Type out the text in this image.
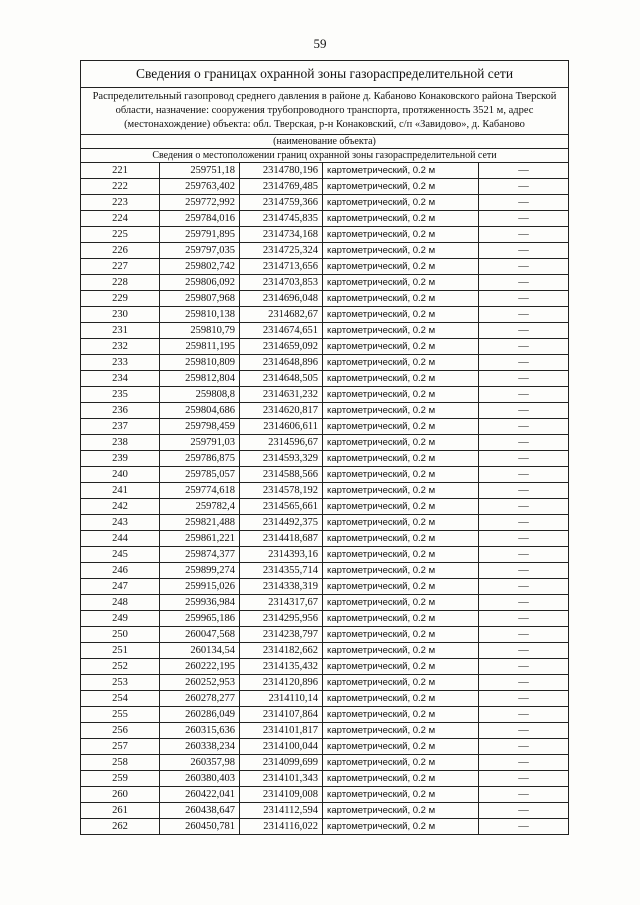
59
Сведения о границах охранной зоны газораспределительной сети				
Распределительный газопровод среднего давления в районе д. Кабаново Конаковского района Тверской области, назначение: сооружения трубопроводного транспорта, протяженность 3521 м, адрес (местонахождение) объекта: обл. Тверская, р-н Конаковский, с/п «Завидово», д. Кабаново				
(наименование объекта)				
Сведения о местоположении границ охранной зоны газораспределительной сети				
221	259751,18	2314780,196	картометрический, 0.2 м	—
222	259763,402	2314769,485	картометрический, 0.2 м	—
223	259772,992	2314759,366	картометрический, 0.2 м	—
224	259784,016	2314745,835	картометрический, 0.2 м	—
225	259791,895	2314734,168	картометрический, 0.2 м	—
226	259797,035	2314725,324	картометрический, 0.2 м	—
227	259802,742	2314713,656	картометрический, 0.2 м	—
228	259806,092	2314703,853	картометрический, 0.2 м	—
229	259807,968	2314696,048	картометрический, 0.2 м	—
230	259810,138	2314682,67	картометрический, 0.2 м	—
231	259810,79	2314674,651	картометрический, 0.2 м	—
232	259811,195	2314659,092	картометрический, 0.2 м	—
233	259810,809	2314648,896	картометрический, 0.2 м	—
234	259812,804	2314648,505	картометрический, 0.2 м	—
235	259808,8	2314631,232	картометрический, 0.2 м	—
236	259804,686	2314620,817	картометрический, 0.2 м	—
237	259798,459	2314606,611	картометрический, 0.2 м	—
238	259791,03	2314596,67	картометрический, 0.2 м	—
239	259786,875	2314593,329	картометрический, 0.2 м	—
240	259785,057	2314588,566	картометрический, 0.2 м	—
241	259774,618	2314578,192	картометрический, 0.2 м	—
242	259782,4	2314565,661	картометрический, 0.2 м	—
243	259821,488	2314492,375	картометрический, 0.2 м	—
244	259861,221	2314418,687	картометрический, 0.2 м	—
245	259874,377	2314393,16	картометрический, 0.2 м	—
246	259899,274	2314355,714	картометрический, 0.2 м	—
247	259915,026	2314338,319	картометрический, 0.2 м	—
248	259936,984	2314317,67	картометрический, 0.2 м	—
249	259965,186	2314295,956	картометрический, 0.2 м	—
250	260047,568	2314238,797	картометрический, 0.2 м	—
251	260134,54	2314182,662	картометрический, 0.2 м	—
252	260222,195	2314135,432	картометрический, 0.2 м	—
253	260252,953	2314120,896	картометрический, 0.2 м	—
254	260278,277	2314110,14	картометрический, 0.2 м	—
255	260286,049	2314107,864	картометрический, 0.2 м	—
256	260315,636	2314101,817	картометрический, 0.2 м	—
257	260338,234	2314100,044	картометрический, 0.2 м	—
258	260357,98	2314099,699	картометрический, 0.2 м	—
259	260380,403	2314101,343	картометрический, 0.2 м	—
260	260422,041	2314109,008	картометрический, 0.2 м	—
261	260438,647	2314112,594	картометрический, 0.2 м	—
262	260450,781	2314116,022	картометрический, 0.2 м	—
